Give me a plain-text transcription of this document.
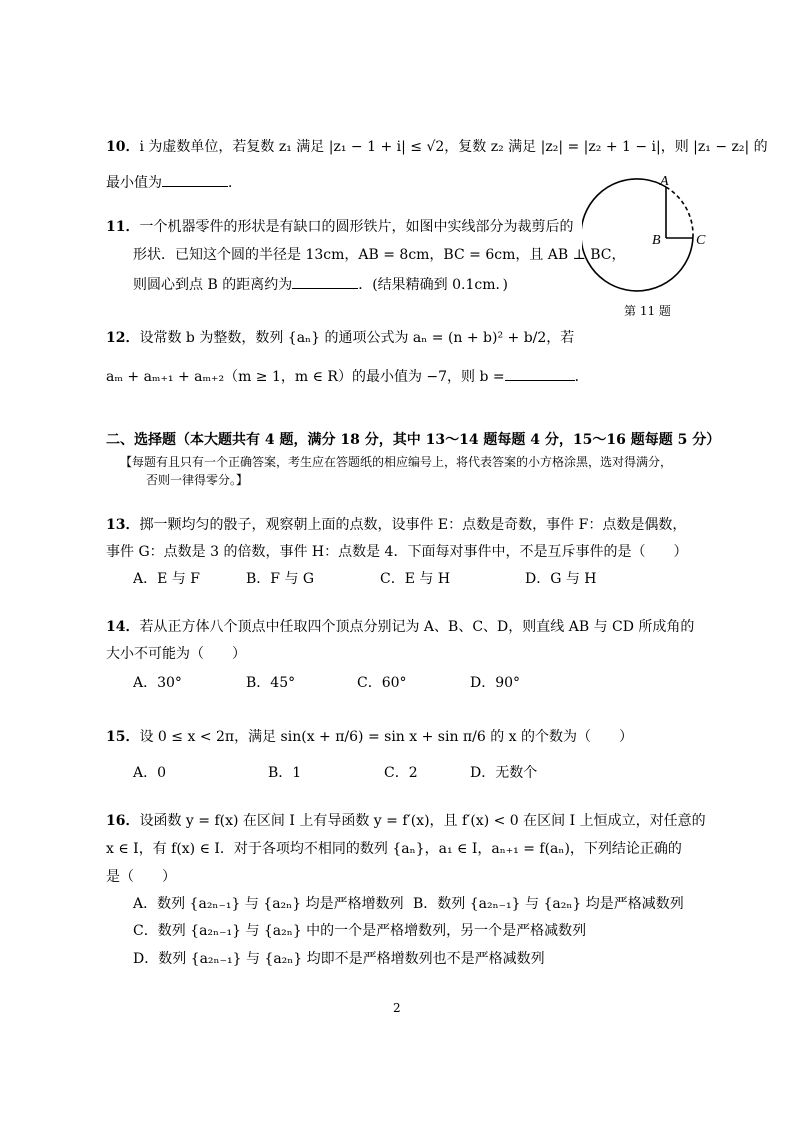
10．i 为虚数单位，若复数 z₁ 满足 |z₁ − 1 + i| ≤ √2，复数 z₂ 满足 |z₂| = |z₂ + 1 − i|，则 |z₁ − z₂| 的
最小值为	．
11．一个机器零件的形状是有缺口的圆形铁片，如图中实线部分为裁剪后的
形状．已知这个圆的半径是 13cm，AB = 8cm，BC = 6cm，且 AB ⊥ BC，
则圆心到点 B 的距离约为	．(结果精确到 0.1cm．)
A
B	C
第 11 题
12．设常数 b 为整数，数列 {aₙ} 的通项公式为 aₙ = (n + b)² + b/2，若
aₘ + aₘ₊₁ + aₘ₊₂（m ≥ 1，m ∈ R）的最小值为 −7，则 b =	．
二、选择题（本大题共有 4 题，满分 18 分，其中 13～14 题每题 4 分，15～16 题每题 5 分）
【每题有且只有一个正确答案，考生应在答题纸的相应编号上，将代表答案的小方格涂黑，选对得满分，
否则一律得零分。】
13．掷一颗均匀的骰子，观察朝上面的点数，设事件 E：点数是奇数，事件 F：点数是偶数，
事件 G：点数是 3 的倍数，事件 H：点数是 4．下面每对事件中，不是互斥事件的是（　　）
A．E 与 F	B．F 与 G	C．E 与 H	D．G 与 H
14．若从正方体八个顶点中任取四个顶点分别记为 A、B、C、D，则直线 AB 与 CD 所成角的
大小不可能为（　　）
A．30°	B．45°	C．60°	D．90°
15．设 0 ≤ x < 2π，满足 sin(x + π/6) = sin x + sin π/6 的 x 的个数为（　　）
A．0	B．1	C．2	D．无数个
16．设函数 y = f(x) 在区间 I 上有导函数 y = f′(x)，且 f′(x) < 0 在区间 I 上恒成立，对任意的
x ∈ I，有 f(x) ∈ I．对于各项均不相同的数列 {aₙ}，a₁ ∈ I，aₙ₊₁ = f(aₙ)，下列结论正确的
是（　　）
A．数列 {a₂ₙ₋₁} 与 {a₂ₙ} 均是严格增数列 B．数列 {a₂ₙ₋₁} 与 {a₂ₙ} 均是严格减数列
C．数列 {a₂ₙ₋₁} 与 {a₂ₙ} 中的一个是严格增数列，另一个是严格减数列
D．数列 {a₂ₙ₋₁} 与 {a₂ₙ} 均即不是严格增数列也不是严格减数列
2
